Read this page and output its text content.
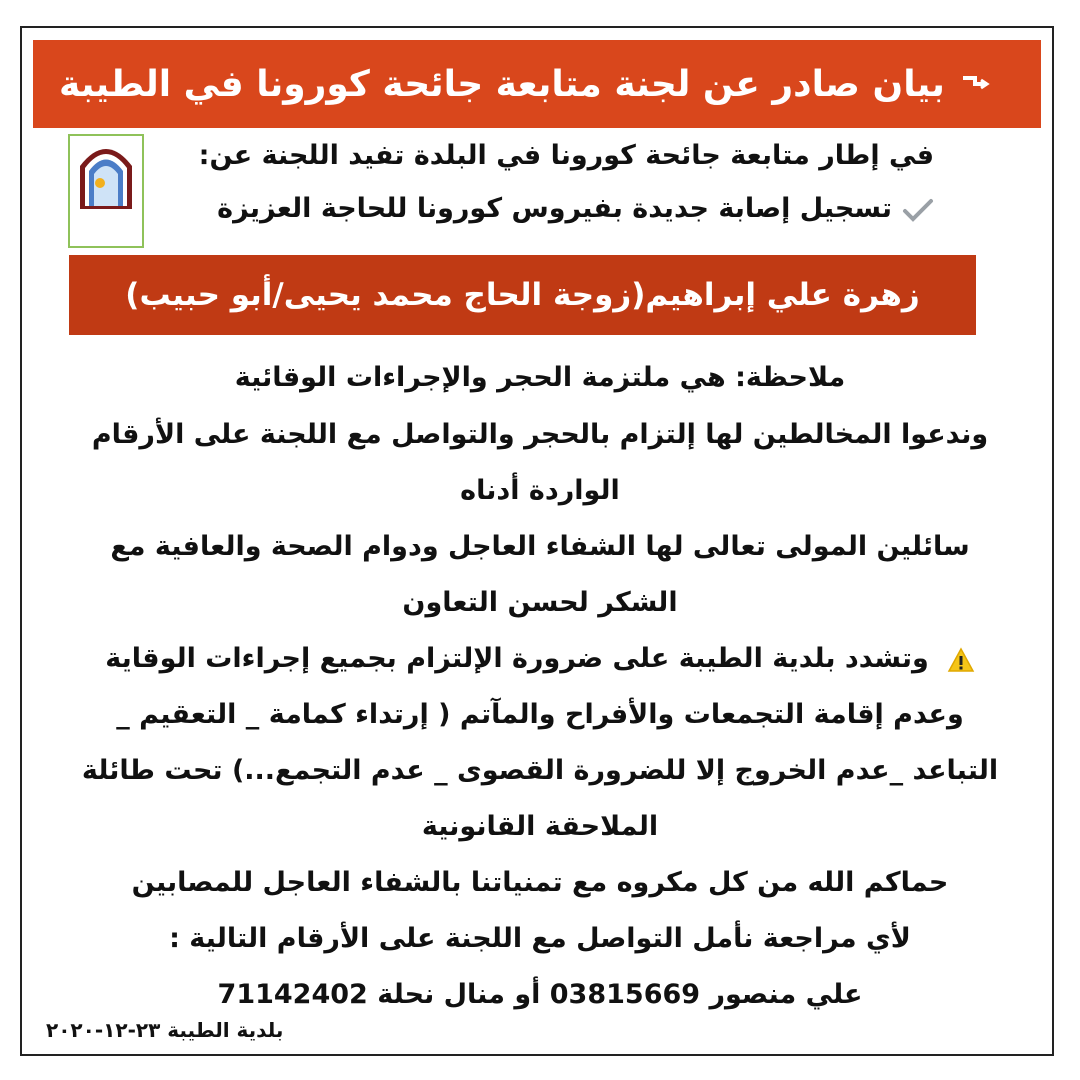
بيان صادر عن لجنة متابعة جائحة كورونا في الطيبة
في إطار متابعة جائحة كورونا في البلدة تفيد اللجنة عن:
تسجيل إصابة جديدة بفيروس كورونا للحاجة العزيزة
زهرة علي إبراهيم(زوجة الحاج محمد يحيى/أبو حبيب)
ملاحظة: هي ملتزمة الحجر والإجراءات الوقائية
وندعوا المخالطين لها إلتزام بالحجر والتواصل مع اللجنة على الأرقام
الواردة أدناه
سائلين المولى تعالى لها الشفاء العاجل ودوام الصحة والعافية مع
الشكر لحسن التعاون
وتشدد بلدية الطيبة على ضرورة الإلتزام بجميع إجراءات الوقاية
وعدم إقامة التجمعات والأفراح والمآتم ( إرتداء كمامة _ التعقيم _
التباعد _عدم الخروج إلا للضرورة القصوى _ عدم التجمع...) تحت طائلة
الملاحقة القانونية
حماكم الله من كل مكروه مع تمنياتنا بالشفاء العاجل للمصابين
لأي مراجعة نأمل التواصل مع اللجنة على الأرقام التالية :
علي منصور 03815669 أو منال نحلة 71142402
بلدية الطيبة ٢٣-١٢-٢٠٢٠
